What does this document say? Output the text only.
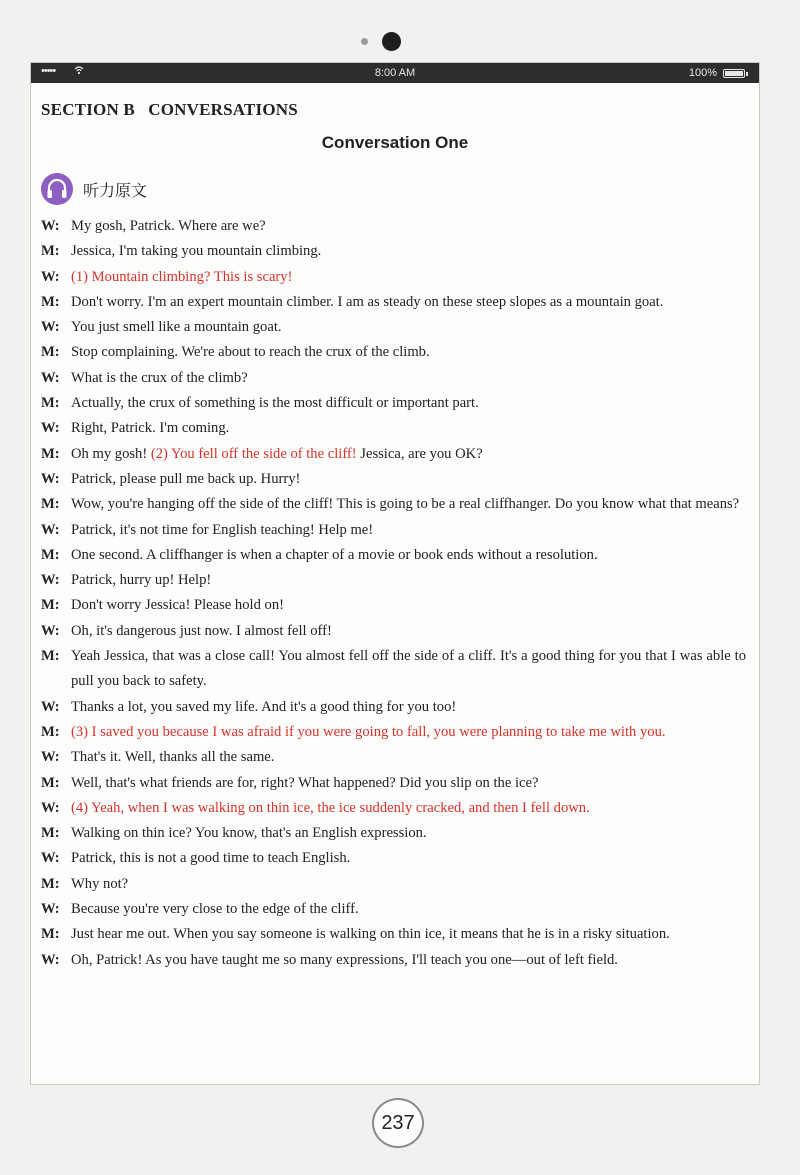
•••••	8:00 AM	100%
SECTION B   CONVERSATIONS
Conversation One
听力原文
W: My gosh, Patrick. Where are we?
M: Jessica, I'm taking you mountain climbing.
W: (1) Mountain climbing? This is scary!
M: Don't worry. I'm an expert mountain climber. I am as steady on these steep slopes as a mountain goat.
W: You just smell like a mountain goat.
M: Stop complaining. We're about to reach the crux of the climb.
W: What is the crux of the climb?
M: Actually, the crux of something is the most difficult or important part.
W: Right, Patrick. I'm coming.
M: Oh my gosh! (2) You fell off the side of the cliff! Jessica, are you OK?
W: Patrick, please pull me back up. Hurry!
M: Wow, you're hanging off the side of the cliff! This is going to be a real cliffhanger. Do you know what that means?
W: Patrick, it's not time for English teaching! Help me!
M: One second. A cliffhanger is when a chapter of a movie or book ends without a resolution.
W: Patrick, hurry up! Help!
M: Don't worry Jessica! Please hold on!
W: Oh, it's dangerous just now. I almost fell off!
M: Yeah Jessica, that was a close call! You almost fell off the side of a cliff. It's a good thing for you that I was able to pull you back to safety.
W: Thanks a lot, you saved my life. And it's a good thing for you too!
M: (3) I saved you because I was afraid if you were going to fall, you were planning to take me with you.
W: That's it. Well, thanks all the same.
M: Well, that's what friends are for, right? What happened? Did you slip on the ice?
W: (4) Yeah, when I was walking on thin ice, the ice suddenly cracked, and then I fell down.
M: Walking on thin ice? You know, that's an English expression.
W: Patrick, this is not a good time to teach English.
M: Why not?
W: Because you're very close to the edge of the cliff.
M: Just hear me out. When you say someone is walking on thin ice, it means that he is in a risky situation.
W: Oh, Patrick! As you have taught me so many expressions, I'll teach you one—out of left field.
237
